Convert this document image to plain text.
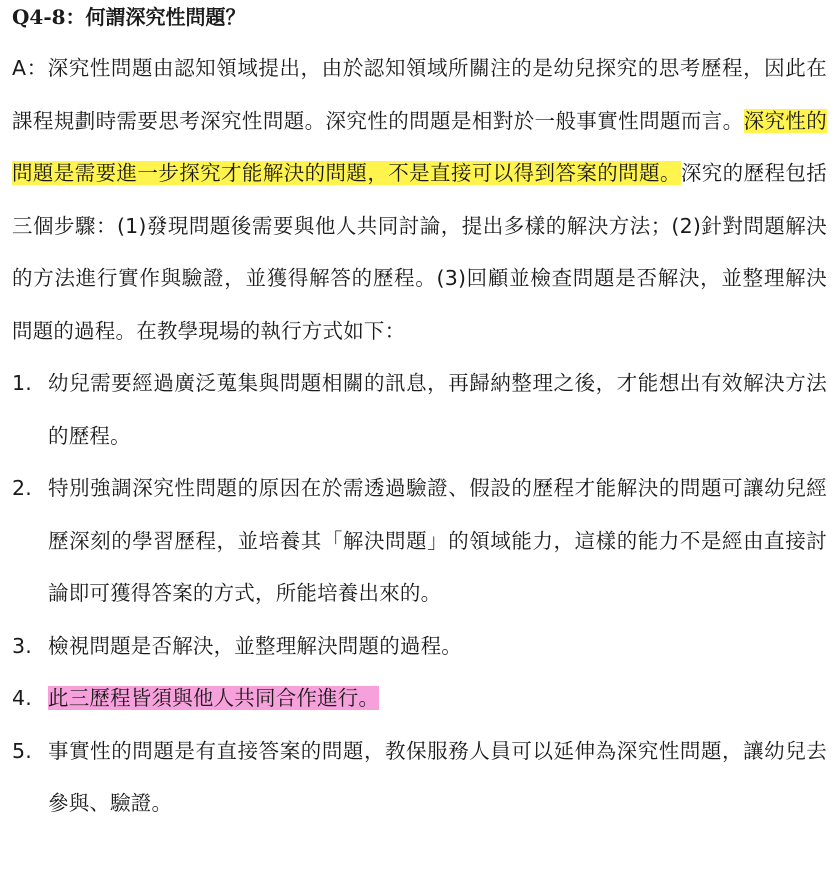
Q4-8：何謂深究性問題？
A：深究性問題由認知領域提出，由於認知領域所關注的是幼兒探究的思考歷程，因此在課程規劃時需要思考深究性問題。深究性的問題是相對於一般事實性問題而言。深究性的問題是需要進一步探究才能解決的問題，不是直接可以得到答案的問題。深究的歷程包括三個步驟：(1)發現問題後需要與他人共同討論，提出多樣的解決方法；(2)針對問題解決的方法進行實作與驗證，並獲得解答的歷程。(3)回顧並檢查問題是否解決，並整理解決問題的過程。在教學現場的執行方式如下：
1. 幼兒需要經過廣泛蒐集與問題相關的訊息，再歸納整理之後，才能想出有效解決方法的歷程。
2. 特別強調深究性問題的原因在於需透過驗證、假設的歷程才能解決的問題可讓幼兒經歷深刻的學習歷程，並培養其「解決問題」的領域能力，這樣的能力不是經由直接討論即可獲得答案的方式，所能培養出來的。
3. 檢視問題是否解決，並整理解決問題的過程。
4. 此三歷程皆須與他人共同合作進行。
5. 事實性的問題是有直接答案的問題，教保服務人員可以延伸為深究性問題，讓幼兒去參與、驗證。
